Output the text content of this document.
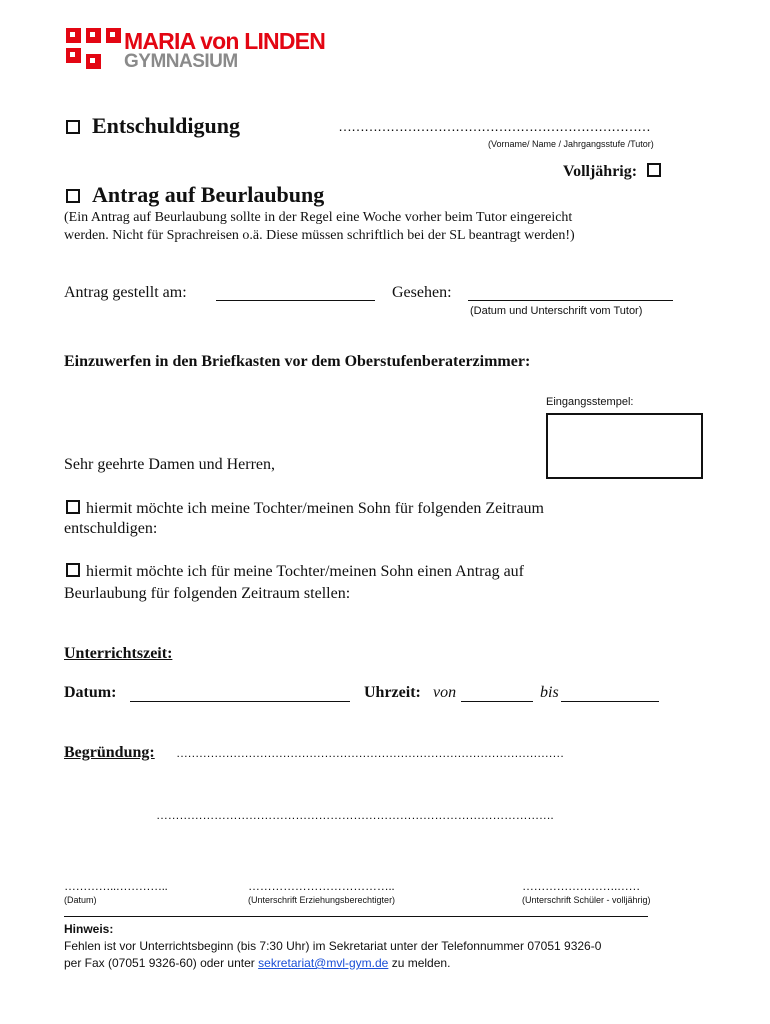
MARIA von LINDEN
GYMNASIUM
Entschuldigung	………………………………………………………………
(Vorname/ Name / Jahrgangsstufe /Tutor)
Volljährig:
Antrag auf Beurlaubung
(Ein Antrag auf Beurlaubung sollte in der Regel eine Woche vorher beim Tutor eingereicht
werden. Nicht für Sprachreisen o.ä. Diese müssen schriftlich bei der SL beantragt werden!)
Antrag gestellt am:	Gesehen:
(Datum und Unterschrift vom Tutor)
Einzuwerfen in den Briefkasten vor dem Oberstufenberaterzimmer:
Eingangsstempel:
Sehr geehrte Damen und Herren,
hiermit möchte ich meine Tochter/meinen Sohn für folgenden Zeitraum
entschuldigen:
hiermit möchte ich für meine Tochter/meinen Sohn einen Antrag auf
Beurlaubung für folgenden Zeitraum stellen:
Unterrichtszeit:
Datum:	Uhrzeit: von	bis
Begründung: …………………………………………………………………………………………
………………………………………………………………………………………….
…………..…………..	………………………………..	…………………….……
(Datum)	(Unterschrift Erziehungsberechtigter)	(Unterschrift Schüler - volljährig)
Hinweis:
Fehlen ist vor Unterrichtsbeginn (bis 7:30 Uhr) im Sekretariat unter der Telefonnummer 07051 9326-0
per Fax (07051 9326-60) oder unter sekretariat@mvl-gym.de zu melden.
